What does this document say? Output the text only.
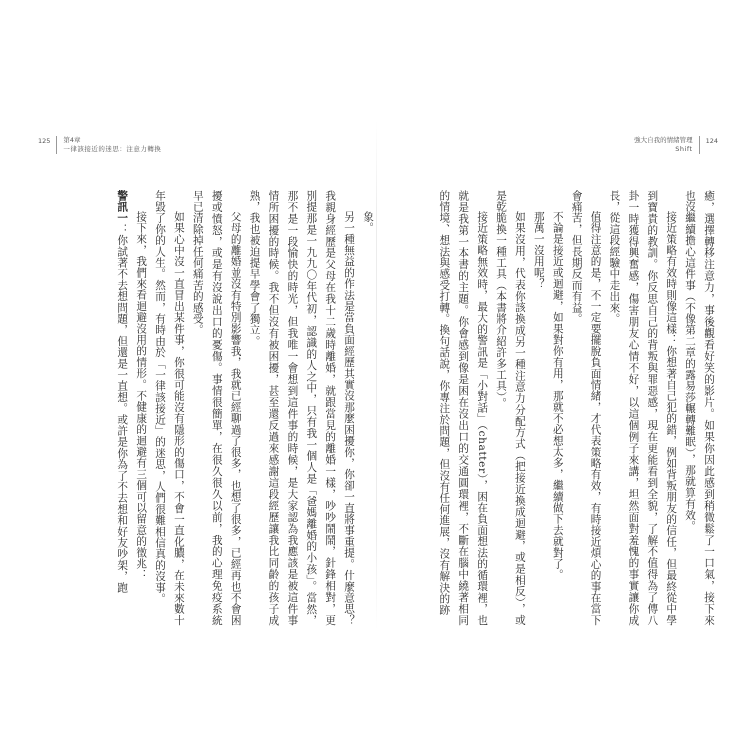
125 第4章
一律該接近的迷思：注意力轉換

象。

另一種無益的作法是當負面經歷其實沒那麼困擾你，你卻一直將事重提。什麼意思？我親身經歷是父母在我十二歲時離婚，就跟當見的離婚一樣，吵吵鬧鬧，針鋒相對，更別提那是一九九〇年代初，認識的人之中，只有我一個人是「爸媽離婚的小孩」。當然，那不是一段愉快的時光，但我唯一會想到這件事的時候，是大家認為我應該是被這件事情所困擾的時候。我不但沒有被困擾，甚至還反過來感謝這段經歷讓我比同齡的孩子成熟，我也被迫提早學會了獨立。

父母的離婚並沒有特別影響我，我就已經聊過了很多，也想了很多，已經再也不會困擾或憤怒，或是有沒說出口的憂傷。事情很簡單，在很久很久以前，我的心理免疫系統早已清除掉任何痛苦的感受。

如果心中沒一直冒出某件事，你很可能沒有隱形的傷口，不會一直化膿，在未來數十年毀了你的人生。然而，有時由於「一律該接近」的迷思，人們很難相信真的沒事。

接下來，我們來看迴避沒用的情形。不健康的迴避有三個可以留意的徵兆：

警訊一：你試著不去想問題，但還是一直想。或許是你為了不去想和好友吵架，跑

強大自我的情緒管理
Shift
124

癒，選擇轉移注意力，事後觀看好笑的影片。如果你因此感到稍微鬆了一口氣，接下來也沒繼續擔心這件事（不像第二章的露易莎輾轉難眠），那就算有效。

接近策略有效時則像這樣：你想著自己犯的錯，例如背叛朋友的信任，但最終從中學到寶貴的教訓。你反思自己的背叛與罪惡感，現在更能看到全貌，了解不值得為了傳八卦一時獲得興奮感，傷害朋友心情不好，以這個例子來講，坦然面對羞愧的事實讓你成長，從這段經驗中走出來。

值得注意的是，不一定要擺脫負面情緒，才代表策略有效，有時接近煩心的事在當下會痛苦，但長期反而有益。

不論是接近或迴避，如果對你有用，那就不必想太多，繼續做下去就對了。

那萬一沒用呢？

如果沒用，代表你該換成另一種注意力分配方式（把接近換成迴避，或是相反），或是乾脆換一種工具（本書將介紹許多工具）。

接近策略無效時，最大的警訊是「小對話」（chatter），困在負面想法的循環裡，也就是我第一本書的主題。你會感到像是困在沒出口的交通圓環裡，不斷在腦中繞著相同的情境、想法與感受打轉。換句話說，你專注於問題，但沒有任何進展，沒有解決的跡
